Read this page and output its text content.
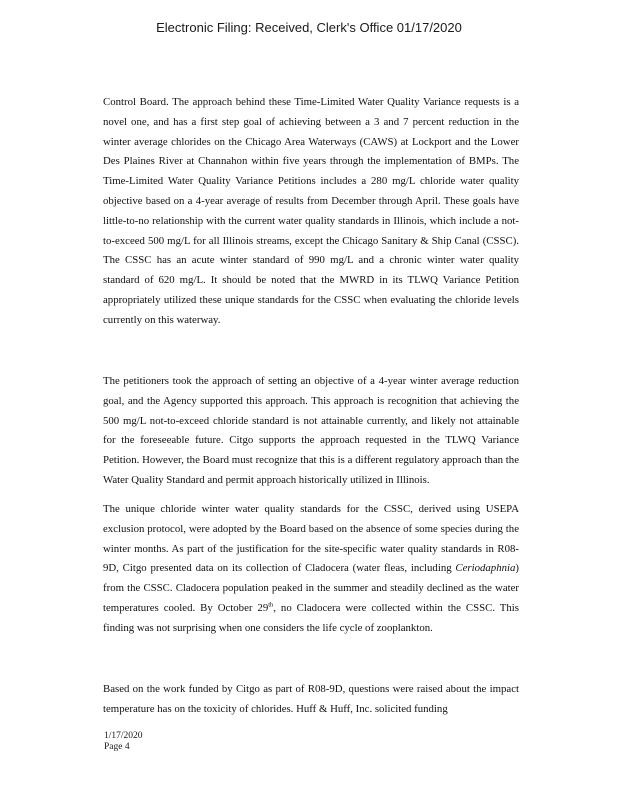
Electronic Filing: Received, Clerk's Office 01/17/2020

Control Board. The approach behind these Time-Limited Water Quality Variance requests is a novel one, and has a first step goal of achieving between a 3 and 7 percent reduction in the winter average chlorides on the Chicago Area Waterways (CAWS) at Lockport and the Lower Des Plaines River at Channahon within five years through the implementation of BMPs. The Time-Limited Water Quality Variance Petitions includes a 280 mg/L chloride water quality objective based on a 4-year average of results from December through April. These goals have little-to-no relationship with the current water quality standards in Illinois, which include a not-to-exceed 500 mg/L for all Illinois streams, except the Chicago Sanitary & Ship Canal (CSSC). The CSSC has an acute winter standard of 990 mg/L and a chronic winter water quality standard of 620 mg/L. It should be noted that the MWRD in its TLWQ Variance Petition appropriately utilized these unique standards for the CSSC when evaluating the chloride levels currently on this waterway.

The petitioners took the approach of setting an objective of a 4-year winter average reduction goal, and the Agency supported this approach. This approach is recognition that achieving the 500 mg/L not-to-exceed chloride standard is not attainable currently, and likely not attainable for the foreseeable future. Citgo supports the approach requested in the TLWQ Variance Petition. However, the Board must recognize that this is a different regulatory approach than the Water Quality Standard and permit approach historically utilized in Illinois.

The unique chloride winter water quality standards for the CSSC, derived using USEPA exclusion protocol, were adopted by the Board based on the absence of some species during the winter months. As part of the justification for the site-specific water quality standards in R08-9D, Citgo presented data on its collection of Cladocera (water fleas, including Ceriodaphnia) from the CSSC. Cladocera population peaked in the summer and steadily declined as the water temperatures cooled. By October 29th, no Cladocera were collected within the CSSC. This finding was not surprising when one considers the life cycle of zooplankton.

Based on the work funded by Citgo as part of R08-9D, questions were raised about the impact temperature has on the toxicity of chlorides. Huff & Huff, Inc. solicited funding

1/17/2020
Page 4
